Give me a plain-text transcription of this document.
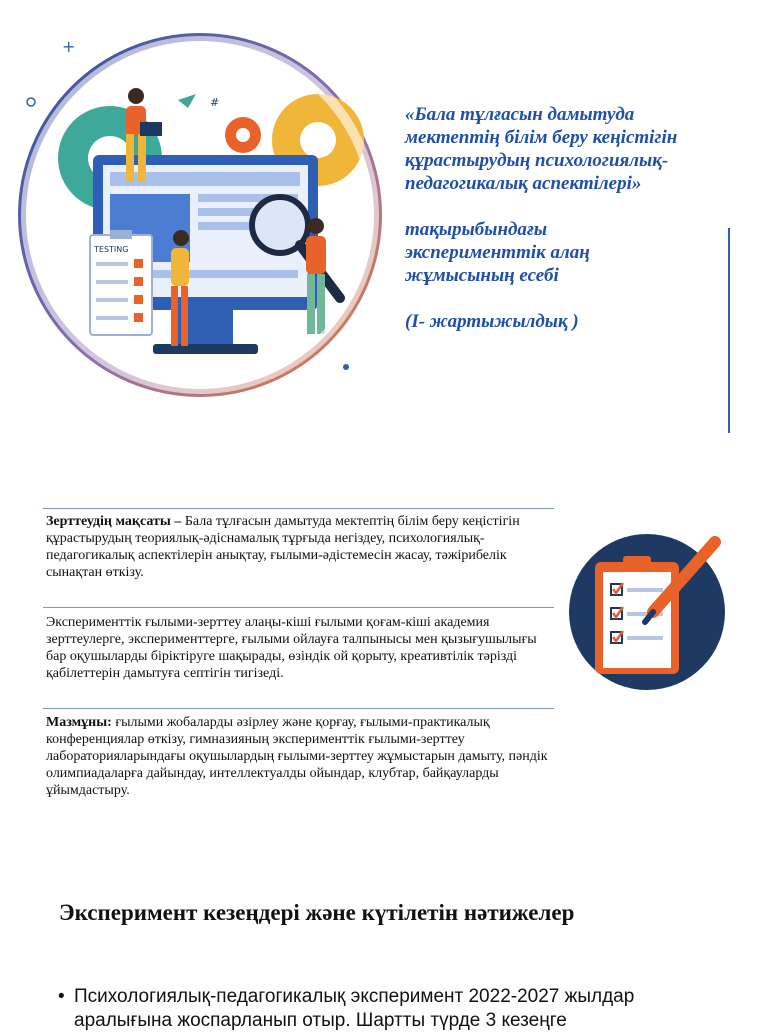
+
TESTING
#

«Бала тұлғасын дамытуда

мектептің білім беру кеңістігін

құрастырудың психологиялық-

педагогикалық аспектілері»

тақырыбындағы

эксперименттік алаң

жұмысының есебі

(І- жартыжылдық )

Зерттеудің мақсаты – Бала тұлғасын дамытуда мектептің білім беру кеңістігін құрастырудың теориялық-әдіснамалық тұрғыда негіздеу, психологиялық-педагогикалық аспектілерін анықтау, ғылыми-әдістемесін жасау, тәжірибелік сынақтан өткізу.
Эксперименттік ғылыми-зерттеу алаңы-кіші ғылыми қоғам-кіші академия зерттеулерге, эксперименттерге, ғылыми ойлауға талпынысы мен қызығушылығы бар оқушыларды біріктіруге шақырады, өзіндік ой қорыту, креативтілік тәрізді қабілеттерін дамытуға септігін тигізеді.
Мазмұны: ғылыми жобаларды әзірлеу және қорғау, ғылыми-практикалық конференциялар өткізу, гимназияның эксперименттік ғылыми-зерттеу лабораторияларындағы оқушылардың ғылыми-зерттеу жұмыстарын дамыту, пәндік олимпиадаларға дайындау, интеллектуалды ойындар, клубтар, байқауларды ұйымдастыру.
Эксперимент кезеңдері және күтілетін нәтижелер
• Психологиялық-педагогикалық эксперимент 2022-2027 жылдар аралығына жоспарланып отыр. Шартты түрде 3 кезеңге
